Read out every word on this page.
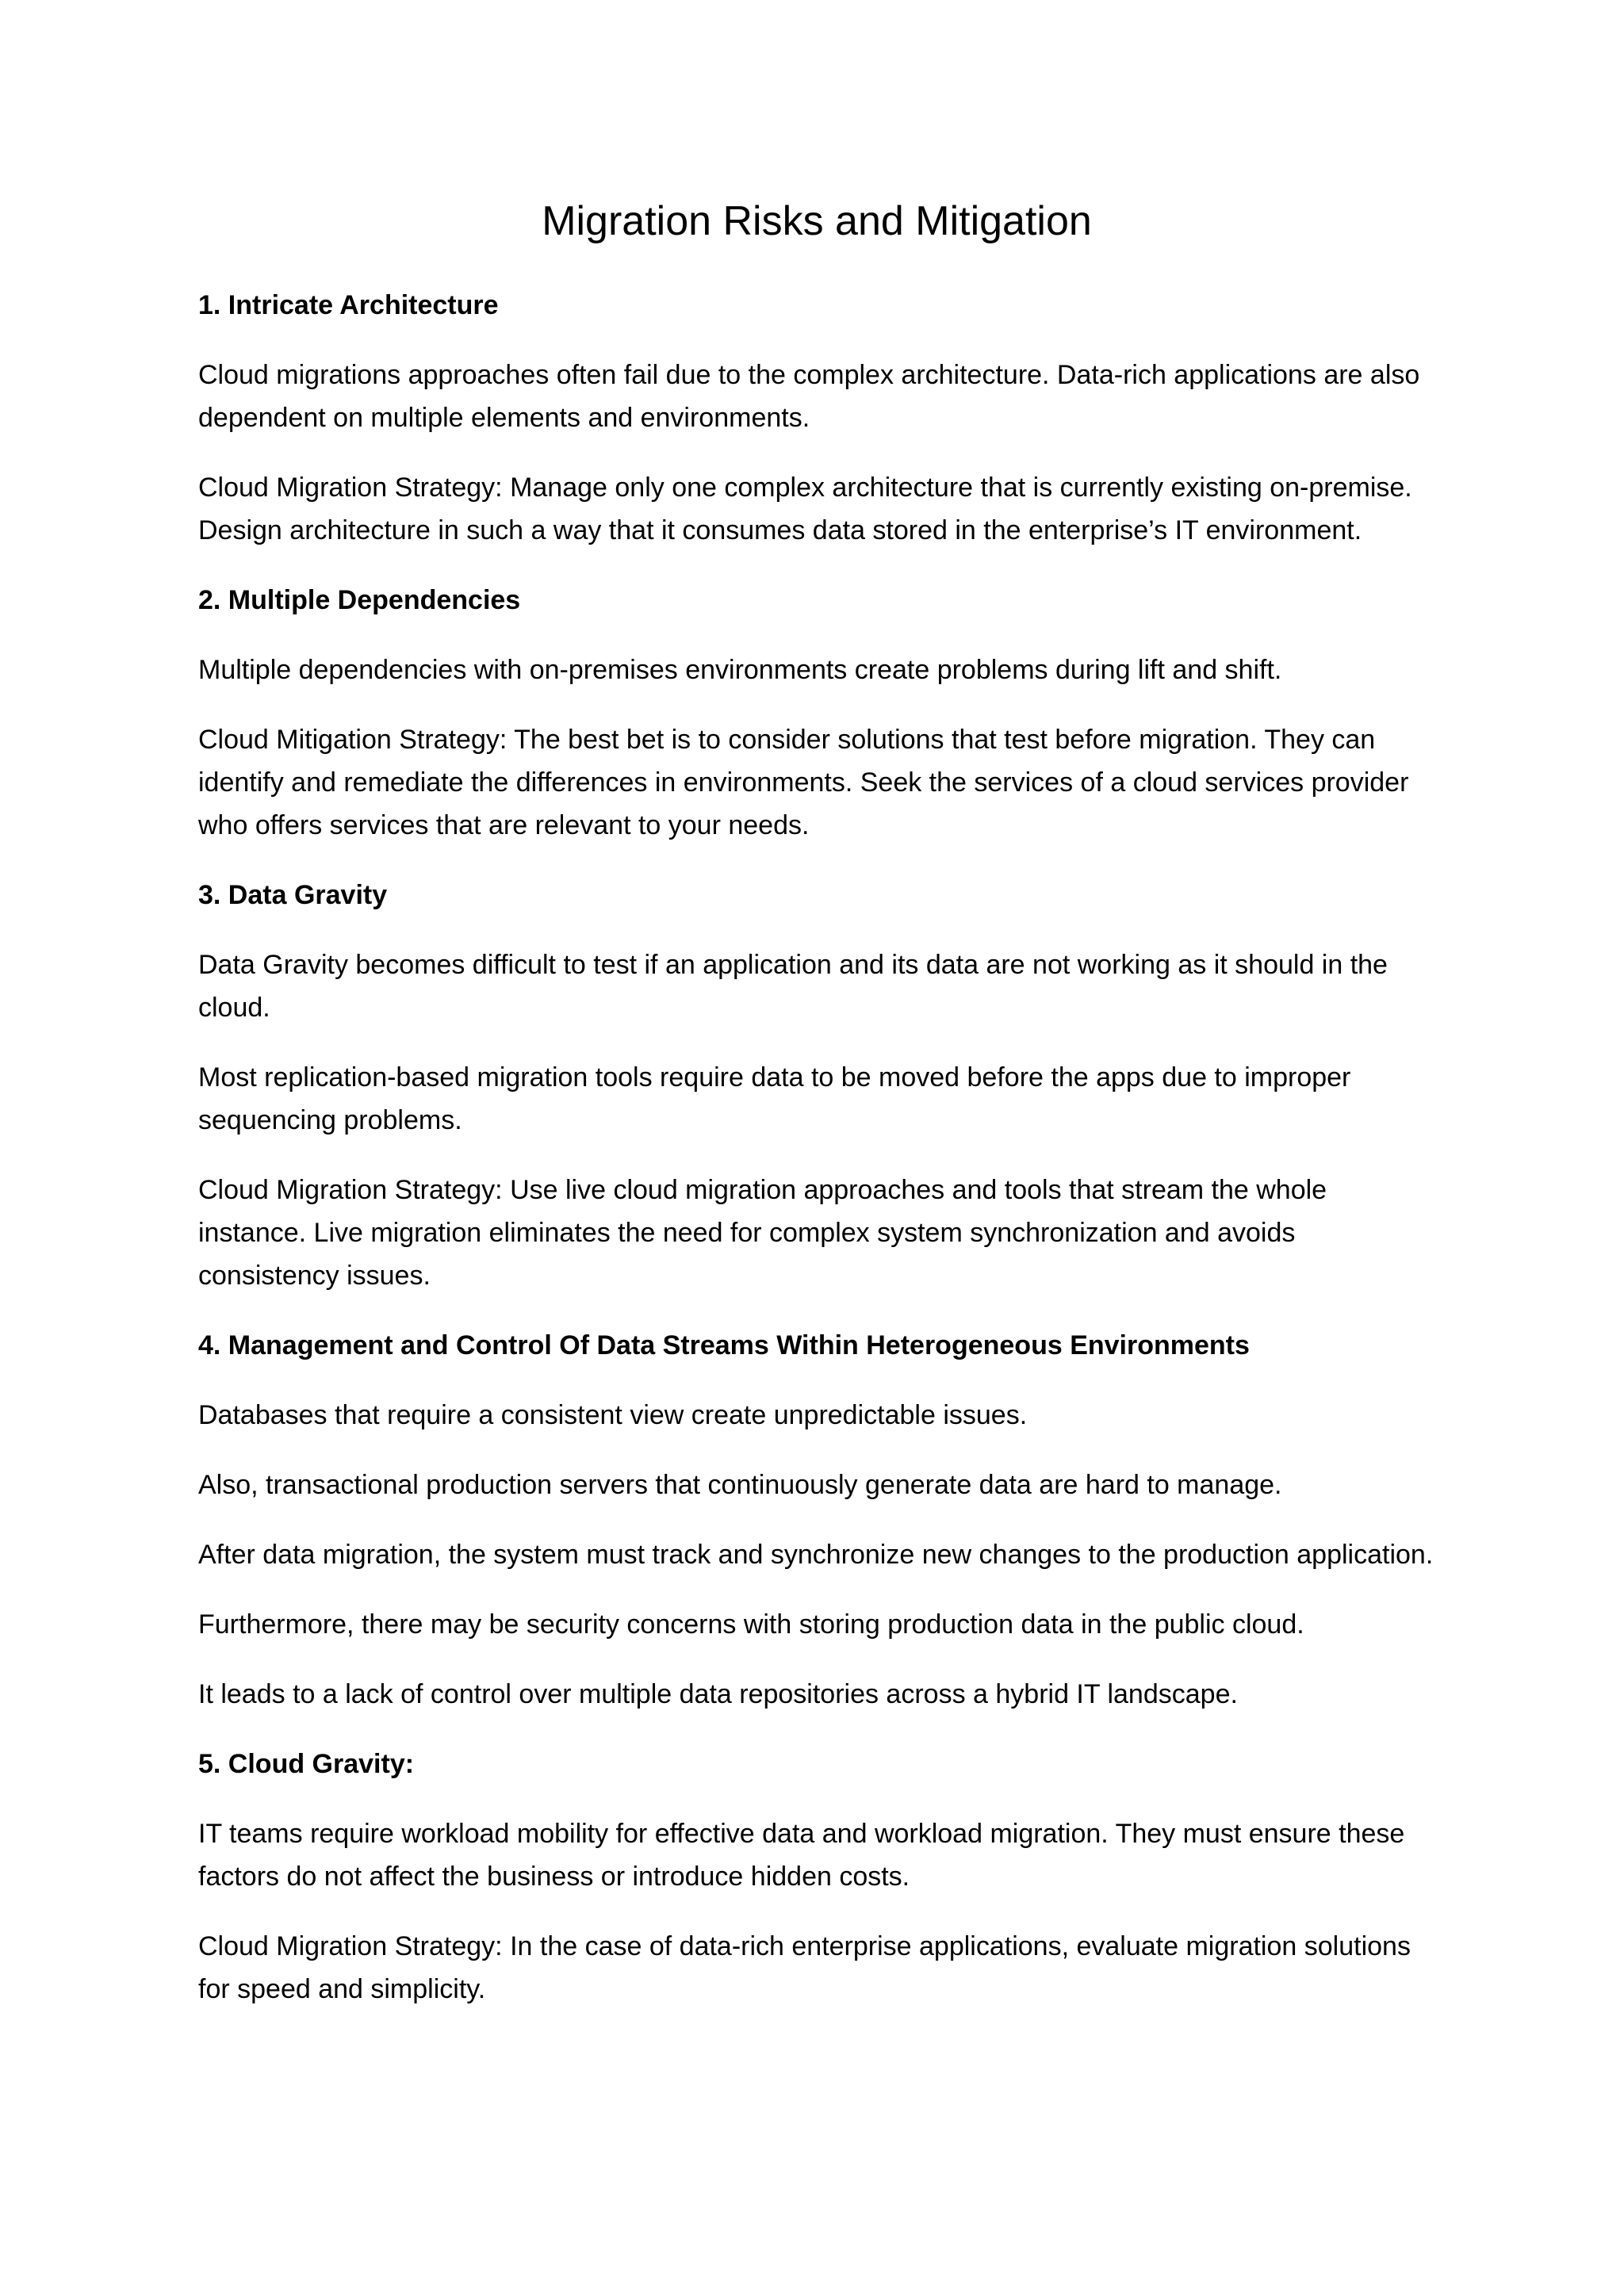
Migration Risks and Mitigation
1. Intricate Architecture

Cloud migrations approaches often fail due to the complex architecture. Data-rich applications are also dependent on multiple elements and environments.

Cloud Migration Strategy: Manage only one complex architecture that is currently existing on-premise. Design architecture in such a way that it consumes data stored in the enterprise’s IT environment.

2. Multiple Dependencies

Multiple dependencies with on-premises environments create problems during lift and shift.

Cloud Mitigation Strategy: The best bet is to consider solutions that test before migration. They can identify and remediate the differences in environments. Seek the services of a cloud services provider who offers services that are relevant to your needs.

3. Data Gravity

Data Gravity becomes difficult to test if an application and its data are not working as it should in the cloud.

Most replication-based migration tools require data to be moved before the apps due to improper sequencing problems.

Cloud Migration Strategy: Use live cloud migration approaches and tools that stream the whole instance. Live migration eliminates the need for complex system synchronization and avoids consistency issues.

4. Management and Control Of Data Streams Within Heterogeneous Environments

Databases that require a consistent view create unpredictable issues.

Also, transactional production servers that continuously generate data are hard to manage.

After data migration, the system must track and synchronize new changes to the production application.

Furthermore, there may be security concerns with storing production data in the public cloud.

It leads to a lack of control over multiple data repositories across a hybrid IT landscape.

5. Cloud Gravity:

IT teams require workload mobility for effective data and workload migration. They must ensure these factors do not affect the business or introduce hidden costs.

Cloud Migration Strategy: In the case of data-rich enterprise applications, evaluate migration solutions for speed and simplicity.
